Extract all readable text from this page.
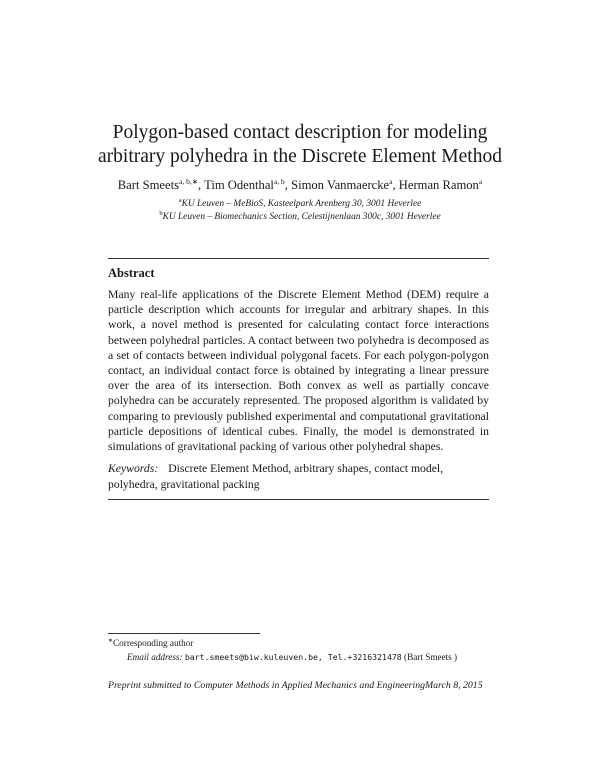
Polygon-based contact description for modeling
arbitrary polyhedra in the Discrete Element Method
Bart Smeets$^{a, b,∗}$, Tim Odenthal$^{a, b}$, Simon Vanmaercke$^a$, Herman Ramon$^a$
$^a$KU Leuven – MeBioS, Kasteelpark Arenberg 30, 3001 Heverlee
$^b$KU Leuven – Biomechanics Section, Celestijnenlaan 300c, 3001 Heverlee
Abstract
Many real-life applications of the Discrete Element Method (DEM) require a particle description which accounts for irregular and arbitrary shapes. In this work, a novel method is presented for calculating contact force interactions between polyhedral particles. A contact between two polyhedra is decomposed as a set of contacts between individual polygonal facets. For each polygon-polygon contact, an individual contact force is obtained by integrating a linear pressure over the area of its intersection. Both convex as well as partially concave polyhedra can be accurately represented. The proposed algorithm is validated by comparing to previously published experimental and computational gravitational particle depositions of identical cubes. Finally, the model is demonstrated in simulations of gravitational packing of various other polyhedral shapes.
Keywords: Discrete Element Method, arbitrary shapes, contact model, polyhedra, gravitational packing
∗Corresponding author
Email address: bart.smeets@biw.kuleuven.be, Tel.+3216321478 (Bart Smeets )
Preprint submitted to Computer Methods in Applied Mechanics and EngineeringMarch 8, 2015
